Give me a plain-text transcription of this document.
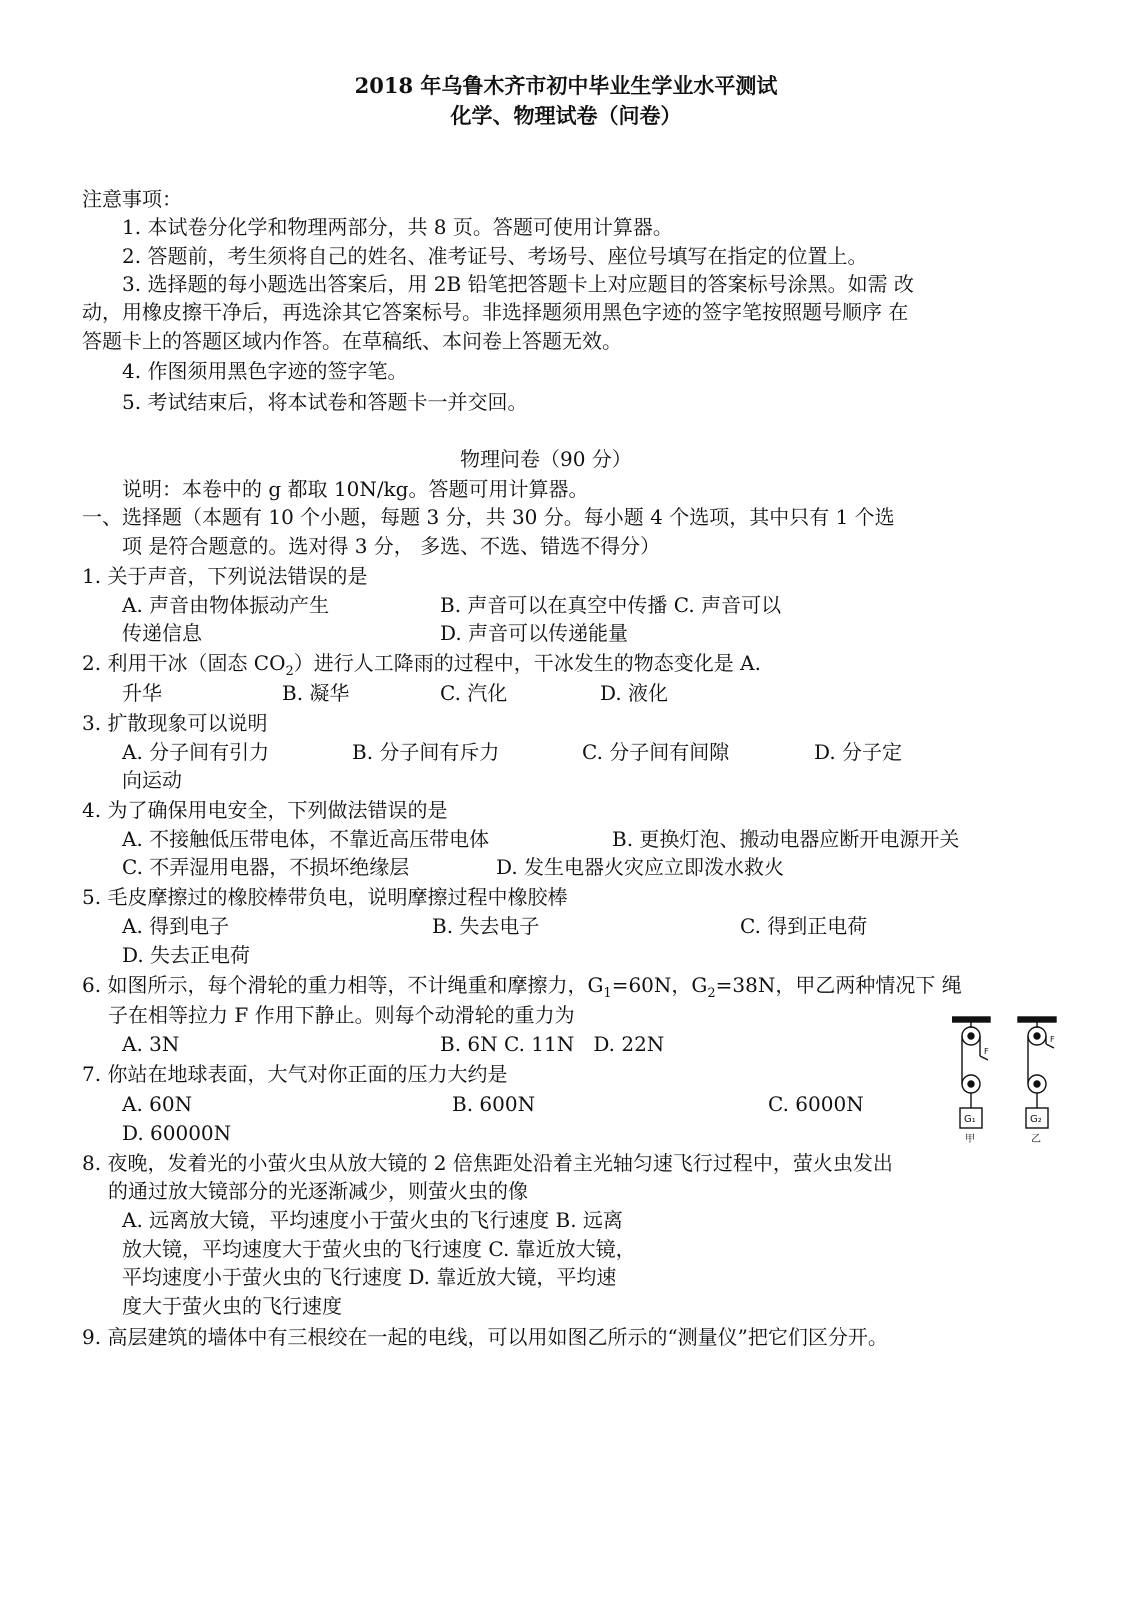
2018 年乌鲁木齐市初中毕业生学业水平测试
化学、物理试卷（问卷）
注意事项：
1. 本试卷分化学和物理两部分，共 8 页。答题可使用计算器。
2. 答题前，考生须将自己的姓名、准考证号、考场号、座位号填写在指定的位置上。
3. 选择题的每小题选出答案后，用 2B 铅笔把答题卡上对应题目的答案标号涂黑。如需 改
动，用橡皮擦干净后，再选涂其它答案标号。非选择题须用黑色字迹的签字笔按照题号顺序 在
答题卡上的答题区域内作答。在草稿纸、本问卷上答题无效。
4. 作图须用黑色字迹的签字笔。
5. 考试结束后，将本试卷和答题卡一并交回。
物理问卷（90 分）
说明：本卷中的 g 都取 10N/kg。答题可用计算器。
一、选择题（本题有 10 个小题，每题 3 分，共 30 分。每小题 4 个选项，其中只有 1 个选
项 是符合题意的。选对得 3 分， 多选、不选、错选不得分）
1. 关于声音，下列说法错误的是
A. 声音由物体振动产生	B. 声音可以在真空中传播 C. 声音可以
传递信息	D. 声音可以传递能量
2. 利用干冰（固态 $CO_2$）进行人工降雨的过程中，干冰发生的物态变化是 A.
升华	B. 凝华	C. 汽化	D. 液化
3. 扩散现象可以说明
A. 分子间有引力	B. 分子间有斥力	C. 分子间有间隙	D. 分子定
向运动
4. 为了确保用电安全，下列做法错误的是
A. 不接触低压带电体，不靠近高压带电体	B. 更换灯泡、搬动电器应断开电源开关
C. 不弄湿用电器，不损坏绝缘层	D. 发生电器火灾应立即泼水救火
5. 毛皮摩擦过的橡胶棒带负电，说明摩擦过程中橡胶棒
A. 得到电子	B. 失去电子	C. 得到正电荷
D. 失去正电荷
6. 如图所示，每个滑轮的重力相等，不计绳重和摩擦力，$G_1=60N$，$G_2=38N$，甲乙两种情况下 绳
子在相等拉力 F 作用下静止。则每个动滑轮的重力为
A. 3N	B. 6N C. 11N   D. 22N
7. 你站在地球表面，大气对你正面的压力大约是
A. 60N	B. 600N	C. 6000N
D. 60000N
8. 夜晚，发着光的小萤火虫从放大镜的 2 倍焦距处沿着主光轴匀速飞行过程中，萤火虫发出
的通过放大镜部分的光逐渐减少，则萤火虫的像
A. 远离放大镜，平均速度小于萤火虫的飞行速度 B. 远离
放大镜，平均速度大于萤火虫的飞行速度 C. 靠近放大镜，
平均速度小于萤火虫的飞行速度 D. 靠近放大镜，平均速
度大于萤火虫的飞行速度
9. 高层建筑的墙体中有三根绞在一起的电线，可以用如图乙所示的“测量仪”把它们区分开。
F
F
G₁	G₂
甲	乙
